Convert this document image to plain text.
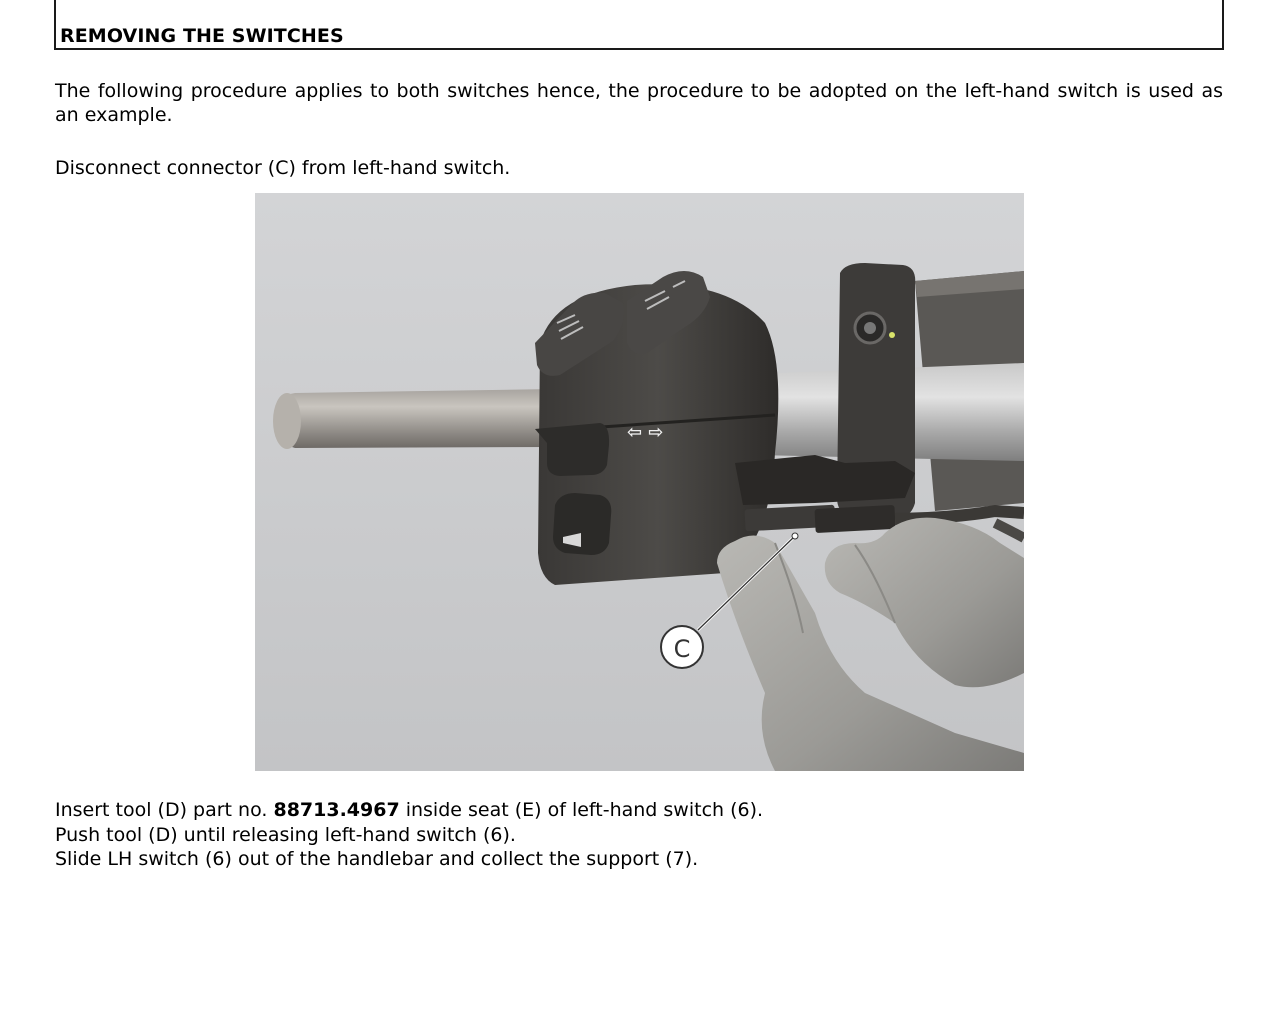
REMOVING THE SWITCHES

The following procedure applies to both switches hence, the procedure to be adopted on the left-hand switch is used as an example.

Disconnect connector (C) from left-hand switch.

⇦ ⇨
C
Insert tool (D) part no. 88713.4967 inside seat (E) of left-hand switch (6).
Push tool (D) until releasing left-hand switch (6).
Slide LH switch (6) out of the handlebar and collect the support (7).
